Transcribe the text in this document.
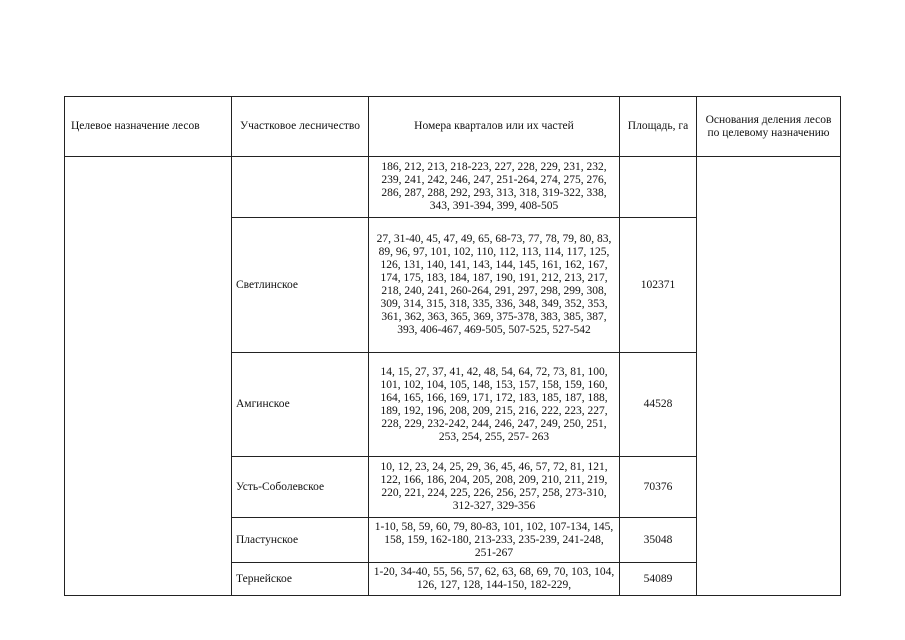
Целевое назначение лесов	Участковое лесничество	Номера кварталов или их частей	Площадь, га	Основания деления лесов по целевому назначению
		186, 212, 213, 218-223, 227, 228, 229, 231, 232, 239, 241, 242, 246, 247, 251-264, 274, 275, 276, 286, 287, 288, 292, 293, 313, 318, 319-322, 338, 343, 391-394, 399, 408-505		
	Светлинское	27, 31-40, 45, 47, 49, 65, 68-73, 77, 78, 79, 80, 83, 89, 96, 97, 101, 102, 110, 112, 113, 114, 117, 125, 126, 131, 140, 141, 143, 144, 145, 161, 162, 167, 174, 175, 183, 184, 187, 190, 191, 212, 213, 217, 218, 240, 241, 260-264, 291, 297, 298, 299, 308, 309, 314, 315, 318, 335, 336, 348, 349, 352, 353, 361, 362, 363, 365, 369, 375-378, 383, 385, 387, 393, 406-467, 469-505, 507-525, 527-542	102371	
	Амгинское	14, 15, 27, 37, 41, 42, 48, 54, 64, 72, 73, 81, 100, 101, 102, 104, 105, 148, 153, 157, 158, 159, 160, 164, 165, 166, 169, 171, 172, 183, 185, 187, 188, 189, 192, 196, 208, 209, 215, 216, 222, 223, 227, 228, 229, 232-242, 244, 246, 247, 249, 250, 251, 253, 254, 255, 257- 263	44528	
	Усть-Соболевское	10, 12, 23, 24, 25, 29, 36, 45, 46, 57, 72, 81, 121, 122, 166, 186, 204, 205, 208, 209, 210, 211, 219, 220, 221, 224, 225, 226, 256, 257, 258, 273-310, 312-327, 329-356	70376	
	Пластунское	1-10, 58, 59, 60, 79, 80-83, 101, 102, 107-134, 145, 158, 159, 162-180, 213-233, 235-239, 241-248, 251-267	35048	
	Тернейское	1-20, 34-40, 55, 56, 57, 62, 63, 68, 69, 70, 103, 104, 126, 127, 128, 144-150, 182-229,	54089	
